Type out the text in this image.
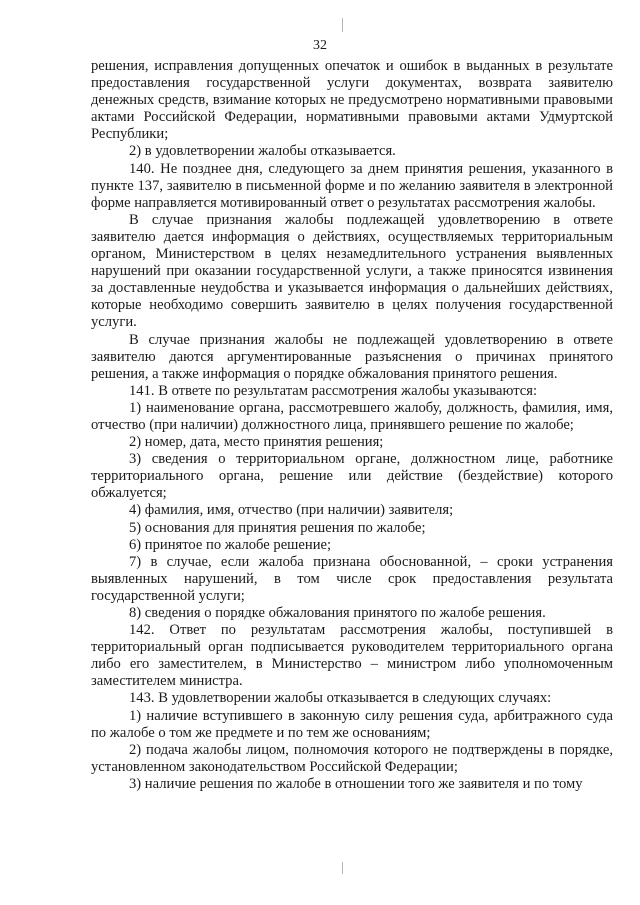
32

решения, исправления допущенных опечаток и ошибок в выданных в результате предоставления государственной услуги документах, возврата заявителю денежных средств, взимание которых не предусмотрено нормативными правовыми актами Российской Федерации, нормативными правовыми актами Удмуртской Республики;

2) в удовлетворении жалобы отказывается.

140. Не позднее дня, следующего за днем принятия решения, указанного в пункте 137, заявителю в письменной форме и по желанию заявителя в электронной форме направляется мотивированный ответ о результатах рассмотрения жалобы.

В случае признания жалобы подлежащей удовлетворению в ответе заявителю дается информация о действиях, осуществляемых территориальным органом, Министерством в целях незамедлительного устранения выявленных нарушений при оказании государственной услуги, а также приносятся извинения за доставленные неудобства и указывается информация о дальнейших действиях, которые необходимо совершить заявителю в целях получения государственной услуги.

В случае признания жалобы не подлежащей удовлетворению в ответе заявителю даются аргументированные разъяснения о причинах принятого решения, а также информация о порядке обжалования принятого решения.

141. В ответе по результатам рассмотрения жалобы указываются:

1) наименование органа, рассмотревшего жалобу, должность, фамилия, имя, отчество (при наличии) должностного лица, принявшего решение по жалобе;

2) номер, дата, место принятия решения;

3) сведения о территориальном органе, должностном лице, работнике территориального органа, решение или действие (бездействие) которого обжалуется;

4) фамилия, имя, отчество (при наличии) заявителя;

5) основания для принятия решения по жалобе;

6) принятое по жалобе решение;

7) в случае, если жалоба признана обоснованной, – сроки устранения выявленных нарушений, в том числе срок предоставления результата государственной услуги;

8) сведения о порядке обжалования принятого по жалобе решения.

142. Ответ по результатам рассмотрения жалобы, поступившей в территориальный орган подписывается руководителем территориального органа либо его заместителем, в Министерство – министром либо уполномоченным заместителем министра.

143. В удовлетворении жалобы отказывается в следующих случаях:

1) наличие вступившего в законную силу решения суда, арбитражного суда по жалобе о том же предмете и по тем же основаниям;

2) подача жалобы лицом, полномочия которого не подтверждены в порядке, установленном законодательством Российской Федерации;

3) наличие решения по жалобе в отношении того же заявителя и по тому
